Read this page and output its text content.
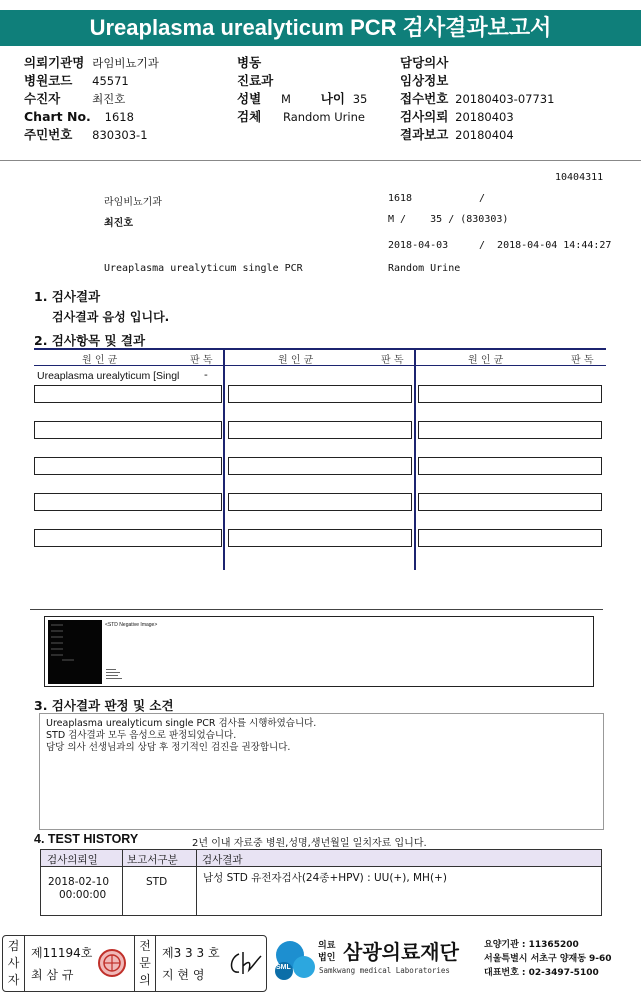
Ureaplasma urealyticum PCR 검사결과보고서
의뢰기관명 라임비뇨기과
병원코드 45571
수진자	최진호
Chart No. 1618
주민번호 830303-1
병동
진료과
성별 M 나이 35
검체 Random Urine
담당의사
임상정보
접수번호 20180403-07731
검사의뢰 20180403
결과보고 20180404
10404311
라임비뇨기과	1618	/
최진호	M /    35 / (830303)
2018-04-03	/  2018-04-04 14:44:27
Ureaplasma urealyticum single PCR	Random Urine
1. 검사결과
검사결과 음성 입니다.
2. 검사항목 및 결과
원 인 균	판 독	원 인 균	판 독	원 인 균	판 독
Ureaplasma urealyticum [Singl -
<STD Negative Image>
3. 검사결과 판정 및 소견
Ureaplasma urealyticum single PCR 검사를 시행하였습니다.
STD 검사결과 모두 음성으로 판정되었습니다.
담당 의사 선생님과의 상담 후 정기적인 검진을 권장합니다.
4. TEST HISTORY	2년 이내 자료중 병원,성명,생년월일 일치자료 입니다.
검사의뢰일	보고서구분 검사결과
2018-02-10
00:00:00
STD	남성 STD 유전자검사(24종+HPV) : UU(+), MH(+)
검사자
제11194호
최 삼 규
전문의
제3 3 3 호
지 현 영
SML
의료
법인 삼광의료재단
Samkwang medical Laboratories
요양기관 : 11365200
서울특별시 서초구 양재동 9-60
대표번호 : 02-3497-5100
